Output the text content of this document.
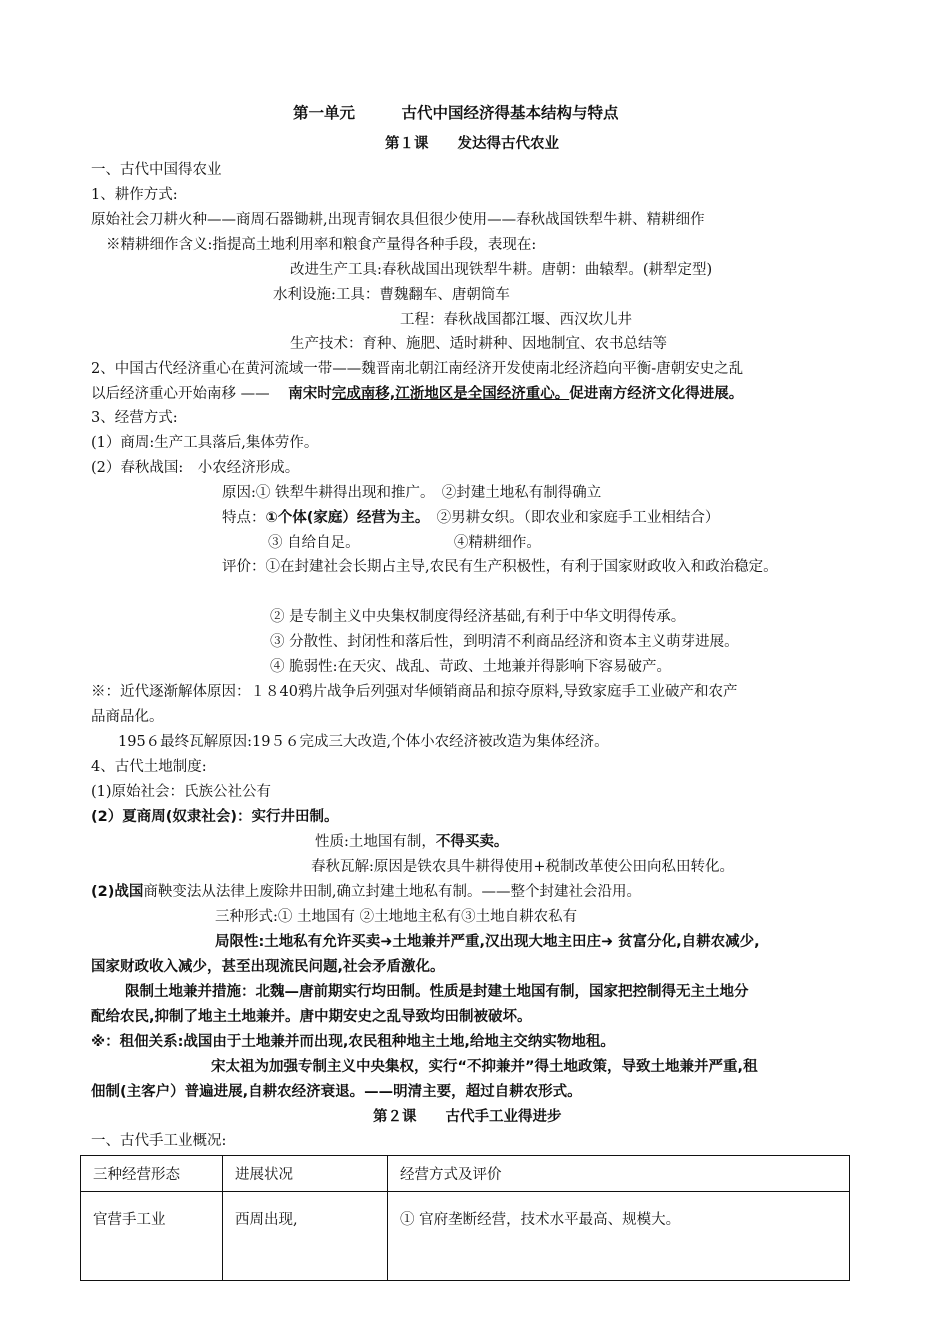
第一单元　　　古代中国经济得基本结构与特点
第１课　　发达得古代农业
一、古代中国得农业
1、耕作方式:
原始社会刀耕火种——商周石器锄耕,出现青铜农具但很少使用——春秋战国铁犁牛耕、精耕细作
※精耕细作含义:指提高土地利用率和粮食产量得各种手段，表现在:
改进生产工具:春秋战国出现铁犁牛耕。唐朝：曲辕犁。(耕犁定型)
水利设施:工具：曹魏翻车、唐朝筒车
工程：春秋战国都江堰、西汉坎儿井
生产技术：育种、施肥、适时耕种、因地制宜、农书总结等
2、中国古代经济重心在黄河流域一带——魏晋南北朝江南经济开发使南北经济趋向平衡-唐朝安史之乱
以后经济重心开始南移 —— 南宋时完成南移,江浙地区是全国经济重心。促进南方经济文化得进展。
3、经营方式:
(1）商周:生产工具落后,集体劳作。
(2）春秋战国:　小农经济形成。
原因:① 铁犁牛耕得出现和推广。　②封建土地私有制得确立
特点：①个体(家庭）经营为主。　②男耕女织。（即农业和家庭手工业相结合）
③ 自给自足。　　　　　　　④精耕细作。
评价：①在封建社会长期占主导,农民有生产积极性，有利于国家财政收入和政治稳定。
② 是专制主义中央集权制度得经济基础,有利于中华文明得传承。
③ 分散性、封闭性和落后性，到明清不利商品经济和资本主义萌芽进展。
④ 脆弱性:在天灾、战乱、苛政、土地兼并得影响下容易破产。
※：近代逐渐解体原因：１８40鸦片战争后列强对华倾销商品和掠夺原料,导致家庭手工业破产和农产
品商品化。
195６最终瓦解原因:19５６完成三大改造,个体小农经济被改造为集体经济。
4、古代土地制度:
(1)原始社会：氏族公社公有
(2）夏商周(奴隶社会)：实行井田制。
性质:土地国有制，不得买卖。
春秋瓦解:原因是铁农具牛耕得使用+税制改革使公田向私田转化。
(2)战国商鞅变法从法律上废除井田制,确立封建土地私有制。——整个封建社会沿用。
三种形式:① 土地国有 ②土地地主私有③土地自耕农私有
局限性:土地私有允许买卖➜土地兼并严重,汉出现大地主田庄➜ 贫富分化,自耕农减少,
国家财政收入减少，甚至出现流民问题,社会矛盾激化。
限制土地兼并措施：北魏—唐前期实行均田制。性质是封建土地国有制，国家把控制得无主土地分
配给农民,抑制了地主土地兼并。唐中期安史之乱导致均田制被破坏。
※：租佃关系:战国由于土地兼并而出现,农民租种地主土地,给地主交纳实物地租。
宋太祖为加强专制主义中央集权，实行“不抑兼并”得土地政策，导致土地兼并严重,租
佃制(主客户）普遍进展,自耕农经济衰退。——明清主要，超过自耕农形式。
第２课　　古代手工业得进步
一、古代手工业概况:
三种经营形态	进展状况	经营方式及评价
官营手工业	西周出现,	① 官府垄断经营，技术水平最高、规模大。
